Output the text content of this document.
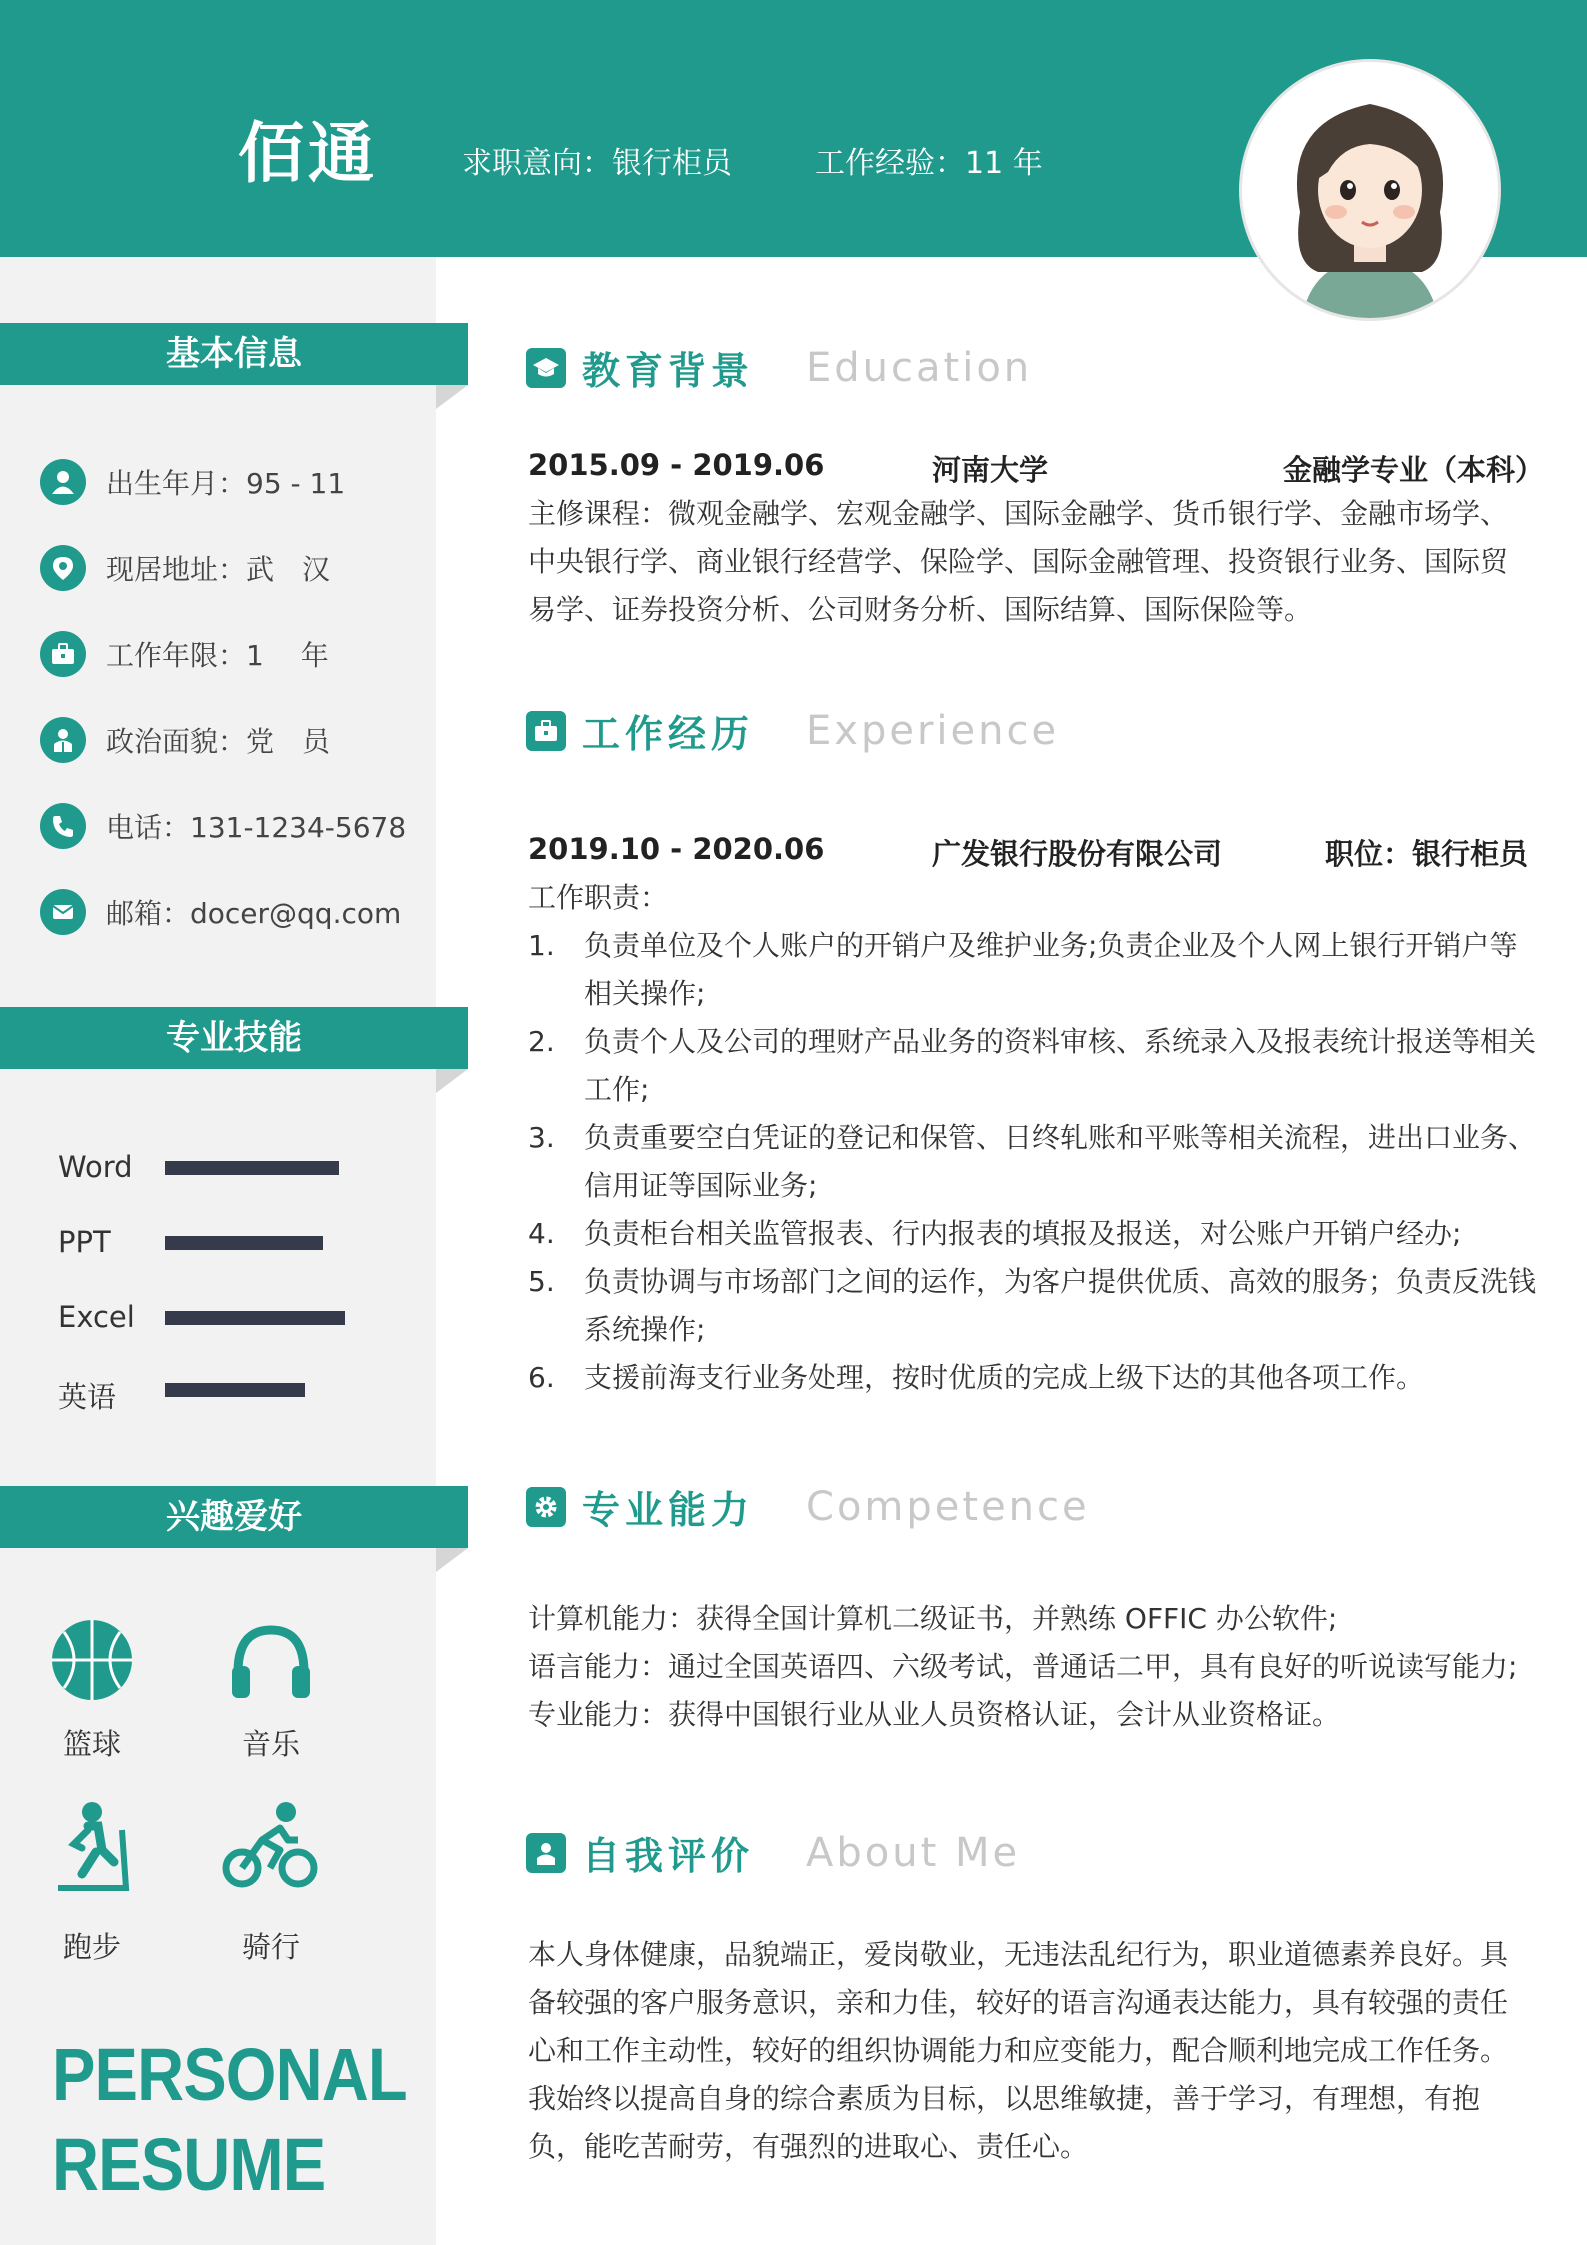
佰通	求职意向：银行柜员	工作经验：11 年
基本信息
出生年月：95 - 11
现居地址：武　汉
工作年限：1　 年
政治面貌：党　员
电话：131-1234-5678
邮箱：docer@qq.com
专业技能
Word
PPT
Excel
英语
兴趣爱好
篮球	音乐
跑步	骑行
PERSONAL
RESUME
教育背景 Education
2015.09 - 2019.06	河南大学	金融学专业（本科）
主修课程：微观金融学、宏观金融学、国际金融学、货币银行学、金融市场学、中央银行学、商业银行经营学、保险学、国际金融管理、投资银行业务、国际贸易学、证券投资分析、公司财务分析、国际结算、国际保险等。
工作经历 Experience
2019.10 - 2020.06	广发银行股份有限公司	职位：银行柜员
工作职责：
1. 负责单位及个人账户的开销户及维护业务;负责企业及个人网上银行开销户等相关操作;
2. 负责个人及公司的理财产品业务的资料审核、系统录入及报表统计报送等相关工作;
3. 负责重要空白凭证的登记和保管、日终轧账和平账等相关流程，进出口业务、信用证等国际业务;
4. 负责柜台相关监管报表、行内报表的填报及报送，对公账户开销户经办;
5. 负责协调与市场部门之间的运作，为客户提供优质、高效的服务；负责反洗钱系统操作;
6. 支援前海支行业务处理，按时优质的完成上级下达的其他各项工作。
专业能力 Competence
计算机能力：获得全国计算机二级证书，并熟练 OFFIC 办公软件;
语言能力：通过全国英语四、六级考试，普通话二甲，具有良好的听说读写能力;
专业能力：获得中国银行业从业人员资格认证，会计从业资格证。
自我评价 About Me
本人身体健康，品貌端正，爱岗敬业，无违法乱纪行为，职业道德素养良好。具备较强的客户服务意识，亲和力佳，较好的语言沟通表达能力，具有较强的责任心和工作主动性，较好的组织协调能力和应变能力，配合顺利地完成工作任务。我始终以提高自身的综合素质为目标，以思维敏捷，善于学习，有理想，有抱负，能吃苦耐劳，有强烈的进取心、责任心。
